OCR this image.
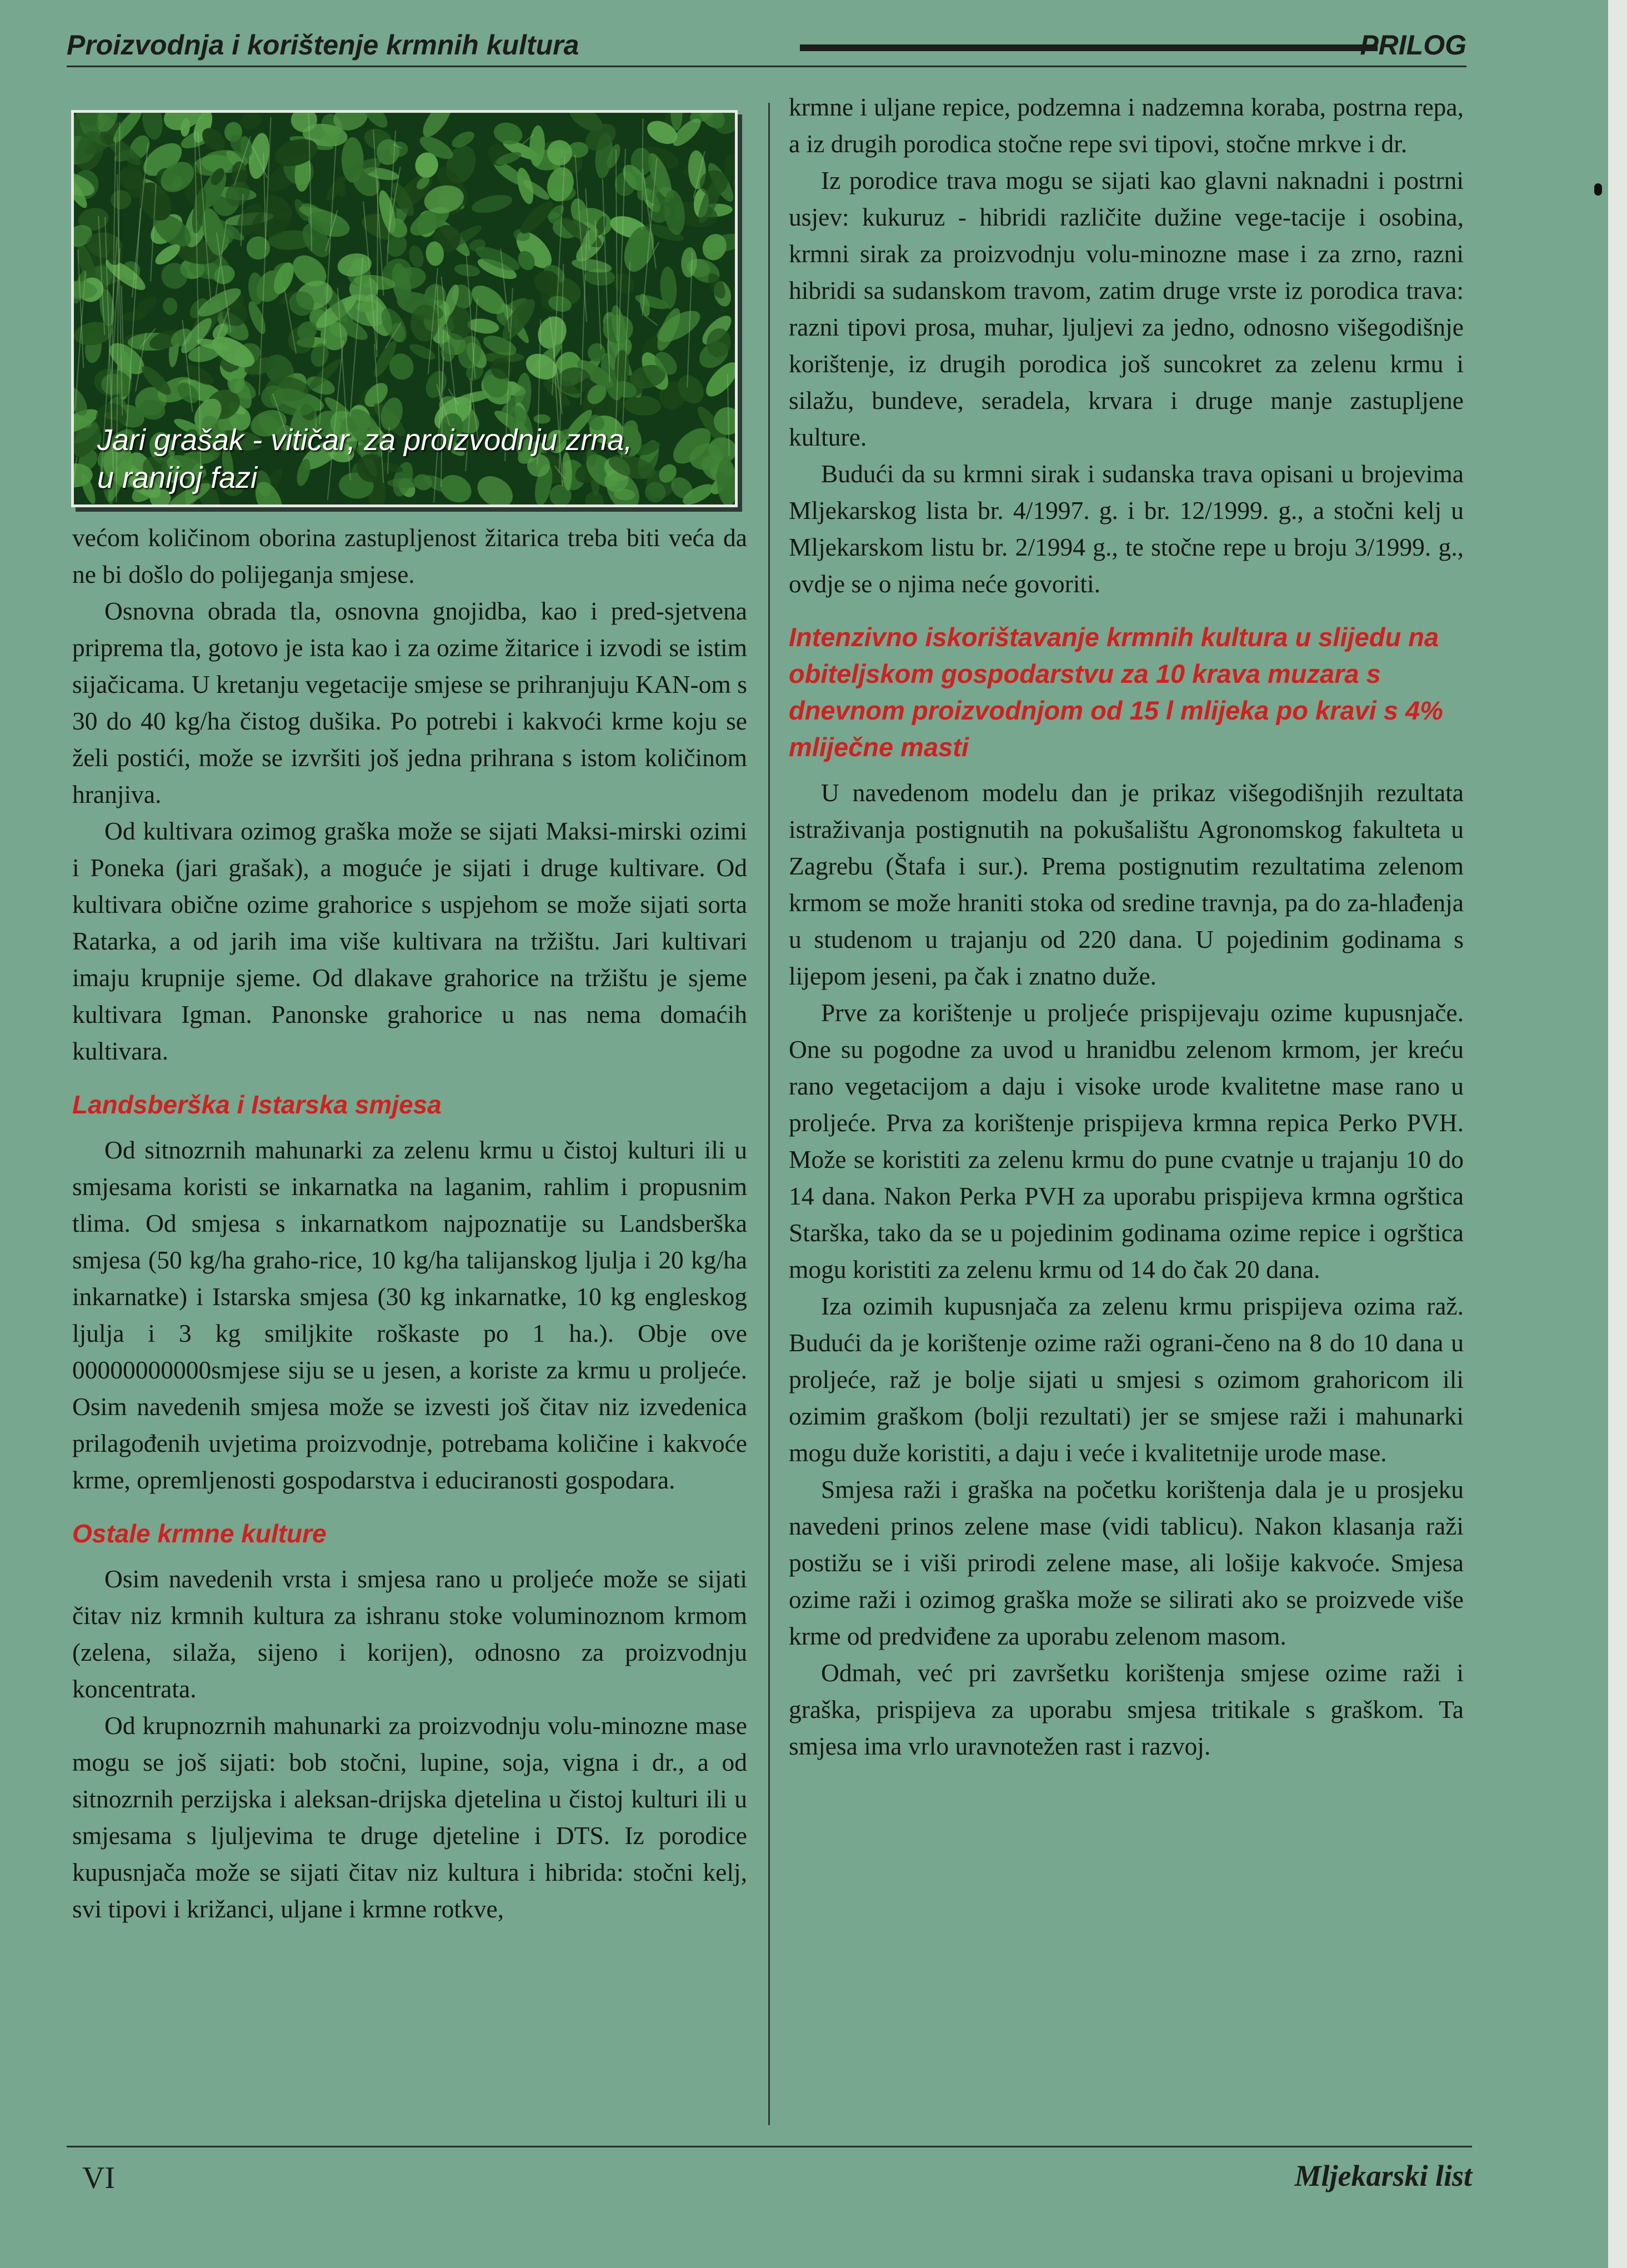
Proizvodnja i korištenje krmnih kultura	PRILOG
Jari grašak - vitičar, za proizvodnju zrna,
u ranijoj fazi

većom količinom oborina zastupljenost žitarica treba biti veća da ne bi došlo do polijeganja smjese.

Osnovna obrada tla, osnovna gnojidba, kao i pred-sjetvena priprema tla, gotovo je ista kao i za ozime žitarice i izvodi se istim sijačicama. U kretanju vegetacije smjese se prihranjuju KAN-om s 30 do 40 kg/ha čistog dušika. Po potrebi i kakvoći krme koju se želi postići, može se izvršiti još jedna prihrana s istom količinom hranjiva.

Od kultivara ozimog graška može se sijati Maksi-mirski ozimi i Poneka (jari grašak), a moguće je sijati i druge kultivare. Od kultivara obične ozime grahorice s uspjehom se može sijati sorta Ratarka, a od jarih ima više kultivara na tržištu. Jari kultivari imaju krupnije sjeme. Od dlakave grahorice na tržištu je sjeme kultivara Igman. Panonske grahorice u nas nema domaćih kultivara.

Landsberška i Istarska smjesa

Od sitnozrnih mahunarki za zelenu krmu u čistoj kulturi ili u smjesama koristi se inkarnatka na laganim, rahlim i propusnim tlima. Od smjesa s inkarnatkom najpoznatije su Landsberška smjesa (50 kg/ha graho-rice, 10 kg/ha talijanskog ljulja i 20 kg/ha inkarnatke) i Istarska smjesa (30 kg inkarnatke, 10 kg engleskog ljulja i 3 kg smiljkite roškaste po 1 ha.). Obje ove 00000000000smjese siju se u jesen, a koriste za krmu u proljeće. Osim navedenih smjesa može se izvesti još čitav niz izvedenica prilagođenih uvjetima proizvodnje, potrebama količine i kakvoće krme, opremljenosti gospodarstva i educiranosti gospodara.

Ostale krmne kulture

Osim navedenih vrsta i smjesa rano u proljeće može se sijati čitav niz krmnih kultura za ishranu stoke voluminoznom krmom (zelena, silaža, sijeno i korijen), odnosno za proizvodnju koncentrata.

Od krupnozrnih mahunarki za proizvodnju volu-minozne mase mogu se još sijati: bob stočni, lupine, soja, vigna i dr., a od sitnozrnih perzijska i aleksan-drijska djetelina u čistoj kulturi ili u smjesama s ljuljevima te druge djeteline i DTS. Iz porodice kupusnjača može se sijati čitav niz kultura i hibrida: stočni kelj, svi tipovi i križanci, uljane i krmne rotkve,

krmne i uljane repice, podzemna i nadzemna koraba, postrna repa, a iz drugih porodica stočne repe svi tipovi, stočne mrkve i dr.

Iz porodice trava mogu se sijati kao glavni naknadni i postrni usjev: kukuruz - hibridi različite dužine vege-tacije i osobina, krmni sirak za proizvodnju volu-minozne mase i za zrno, razni hibridi sa sudanskom travom, zatim druge vrste iz porodica trava: razni tipovi prosa, muhar, ljuljevi za jedno, odnosno višegodišnje korištenje, iz drugih porodica još suncokret za zelenu krmu i silažu, bundeve, seradela, krvara i druge manje zastupljene kulture.

Budući da su krmni sirak i sudanska trava opisani u brojevima Mljekarskog lista br. 4/1997. g. i br. 12/1999. g., a stočni kelj u Mljekarskom listu br. 2/1994 g., te stočne repe u broju 3/1999. g., ovdje se o njima neće govoriti.

Intenzivno iskorištavanje krmnih kultura u slijedu na obiteljskom gospodarstvu za 10 krava muzara s dnevnom proizvodnjom od 15 l mlijeka po kravi s 4% mliječne masti

U navedenom modelu dan je prikaz višegodišnjih rezultata istraživanja postignutih na pokušalištu Agronomskog fakulteta u Zagrebu (Štafa i sur.). Prema postignutim rezultatima zelenom krmom se može hraniti stoka od sredine travnja, pa do za-hlađenja u studenom u trajanju od 220 dana. U pojedinim godinama s lijepom jeseni, pa čak i znatno duže.

Prve za korištenje u proljeće prispijevaju ozime kupusnjače. One su pogodne za uvod u hranidbu zelenom krmom, jer kreću rano vegetacijom a daju i visoke urode kvalitetne mase rano u proljeće. Prva za korištenje prispijeva krmna repica Perko PVH. Može se koristiti za zelenu krmu do pune cvatnje u trajanju 10 do 14 dana. Nakon Perka PVH za uporabu prispijeva krmna ogrštica Starška, tako da se u pojedinim godinama ozime repice i ogrštica mogu koristiti za zelenu krmu od 14 do čak 20 dana.

Iza ozimih kupusnjača za zelenu krmu prispijeva ozima raž. Budući da je korištenje ozime raži ograni-čeno na 8 do 10 dana u proljeće, raž je bolje sijati u smjesi s ozimom grahoricom ili ozimim graškom (bolji rezultati) jer se smjese raži i mahunarki mogu duže koristiti, a daju i veće i kvalitetnije urode mase.

Smjesa raži i graška na početku korištenja dala je u prosjeku navedeni prinos zelene mase (vidi tablicu). Nakon klasanja raži postižu se i viši prirodi zelene mase, ali lošije kakvoće. Smjesa ozime raži i ozimog graška može se silirati ako se proizvede više krme od predviđene za uporabu zelenom masom.

Odmah, već pri završetku korištenja smjese ozime raži i graška, prispijeva za uporabu smjesa tritikale s graškom. Ta smjesa ima vrlo uravnotežen rast i razvoj.

VI	Mljekarski list
